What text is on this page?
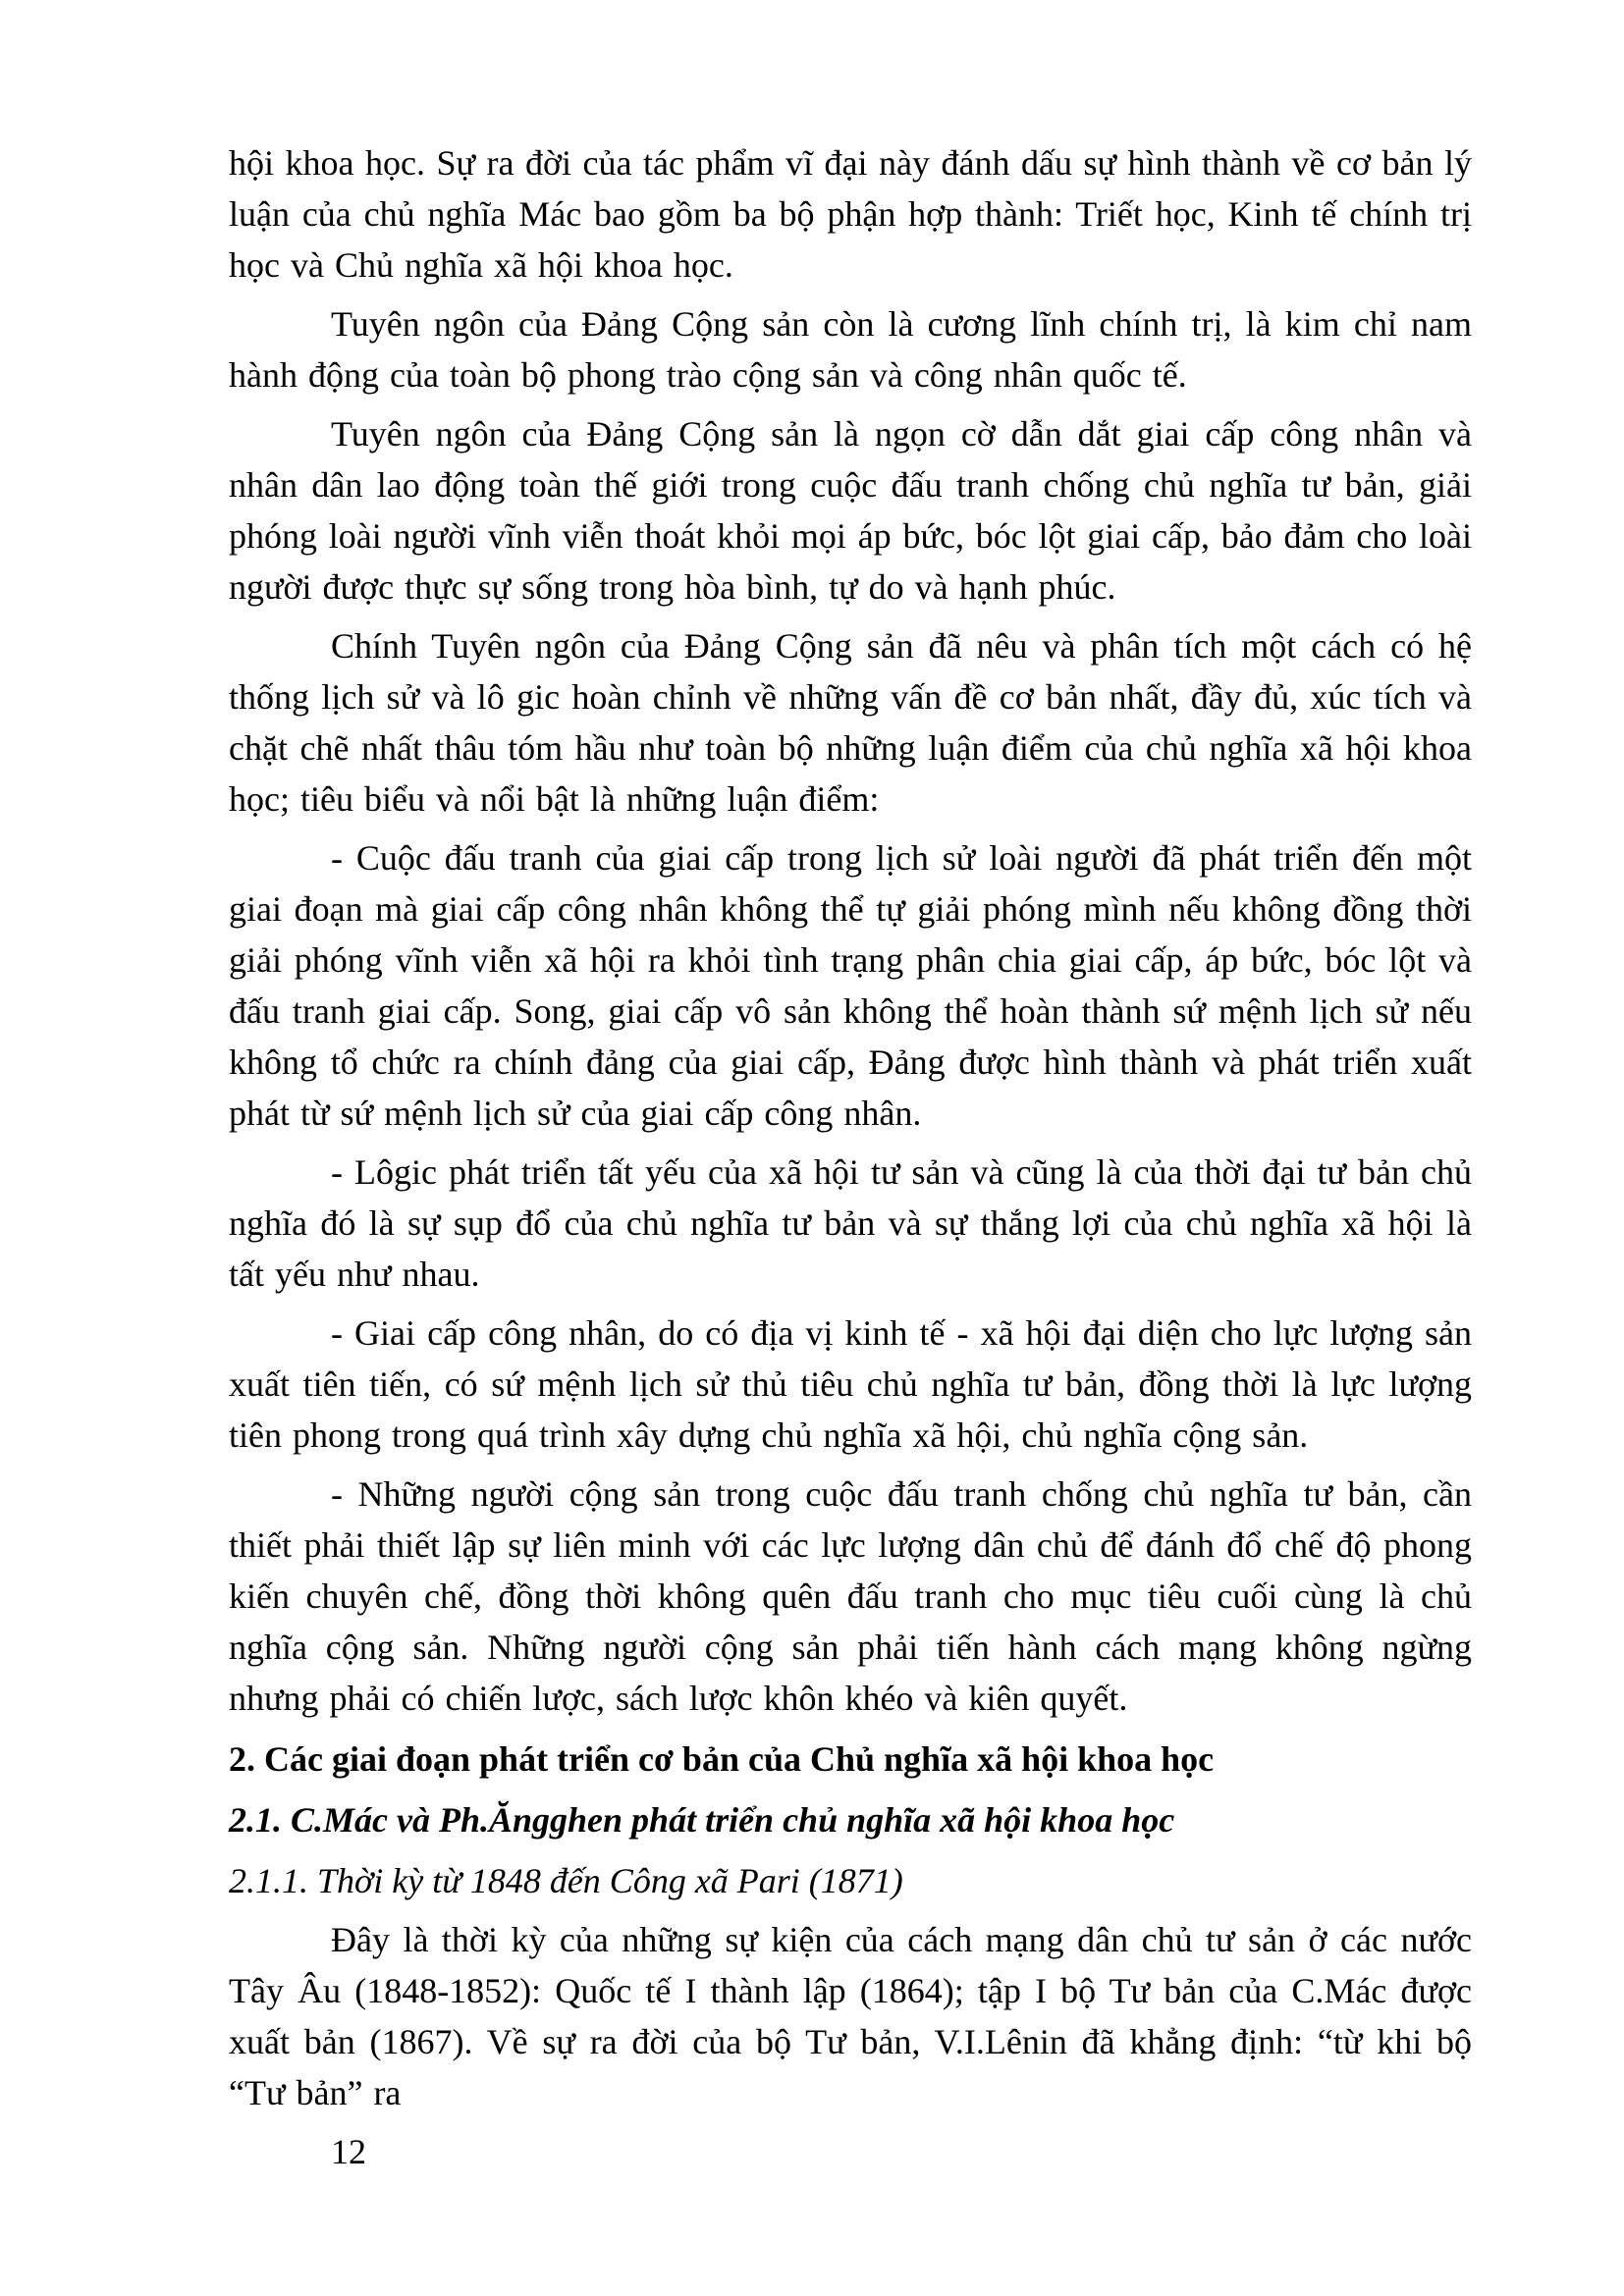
hội khoa học. Sự ra đời của tác phẩm vĩ đại này đánh dấu sự hình thành về cơ bản lý luận của chủ nghĩa Mác bao gồm ba bộ phận hợp thành: Triết học, Kinh tế chính trị học và Chủ nghĩa xã hội khoa học.

Tuyên ngôn của Đảng Cộng sản còn là cương lĩnh chính trị, là kim chỉ nam hành động của toàn bộ phong trào cộng sản và công nhân quốc tế.

Tuyên ngôn của Đảng Cộng sản là ngọn cờ dẫn dắt giai cấp công nhân và nhân dân lao động toàn thế giới trong cuộc đấu tranh chống chủ nghĩa tư bản, giải phóng loài người vĩnh viễn thoát khỏi mọi áp bức, bóc lột giai cấp, bảo đảm cho loài người được thực sự sống trong hòa bình, tự do và hạnh phúc.

Chính Tuyên ngôn của Đảng Cộng sản đã nêu và phân tích một cách có hệ thống lịch sử và lô gic hoàn chỉnh về những vấn đề cơ bản nhất, đầy đủ, xúc tích và chặt chẽ nhất thâu tóm hầu như toàn bộ những luận điểm của chủ nghĩa xã hội khoa học; tiêu biểu và nổi bật là những luận điểm:

- Cuộc đấu tranh của giai cấp trong lịch sử loài người đã phát triển đến một giai đoạn mà giai cấp công nhân không thể tự giải phóng mình nếu không đồng thời giải phóng vĩnh viễn xã hội ra khỏi tình trạng phân chia giai cấp, áp bức, bóc lột và đấu tranh giai cấp. Song, giai cấp vô sản không thể hoàn thành sứ mệnh lịch sử nếu không tổ chức ra chính đảng của giai cấp, Đảng được hình thành và phát triển xuất phát từ sứ mệnh lịch sử của giai cấp công nhân.

- Lôgic phát triển tất yếu của xã hội tư sản và cũng là của thời đại tư bản chủ nghĩa đó là sự sụp đổ của chủ nghĩa tư bản và sự thắng lợi của chủ nghĩa xã hội là tất yếu như nhau.

- Giai cấp công nhân, do có địa vị kinh tế - xã hội đại diện cho lực lượng sản xuất tiên tiến, có sứ mệnh lịch sử thủ tiêu chủ nghĩa tư bản, đồng thời là lực lượng tiên phong trong quá trình xây dựng chủ nghĩa xã hội, chủ nghĩa cộng sản.

- Những người cộng sản trong cuộc đấu tranh chống chủ nghĩa tư bản, cần thiết phải thiết lập sự liên minh với các lực lượng dân chủ để đánh đổ chế độ phong kiến chuyên chế, đồng thời không quên đấu tranh cho mục tiêu cuối cùng là chủ nghĩa cộng sản. Những người cộng sản phải tiến hành cách mạng không ngừng nhưng phải có chiến lược, sách lược khôn khéo và kiên quyết.

2. Các giai đoạn phát triển cơ bản của Chủ nghĩa xã hội khoa học
2.1. C.Mác và Ph.Ăngghen phát triển chủ nghĩa xã hội khoa học
2.1.1. Thời kỳ từ 1848 đến Công xã Pari (1871)

Đây là thời kỳ của những sự kiện của cách mạng dân chủ tư sản ở các nước Tây Âu (1848-1852): Quốc tế I thành lập (1864); tập I bộ Tư bản của C.Mác được xuất bản (1867). Về sự ra đời của bộ Tư bản, V.I.Lênin đã khẳng định: “từ khi bộ “Tư bản” ra

12
